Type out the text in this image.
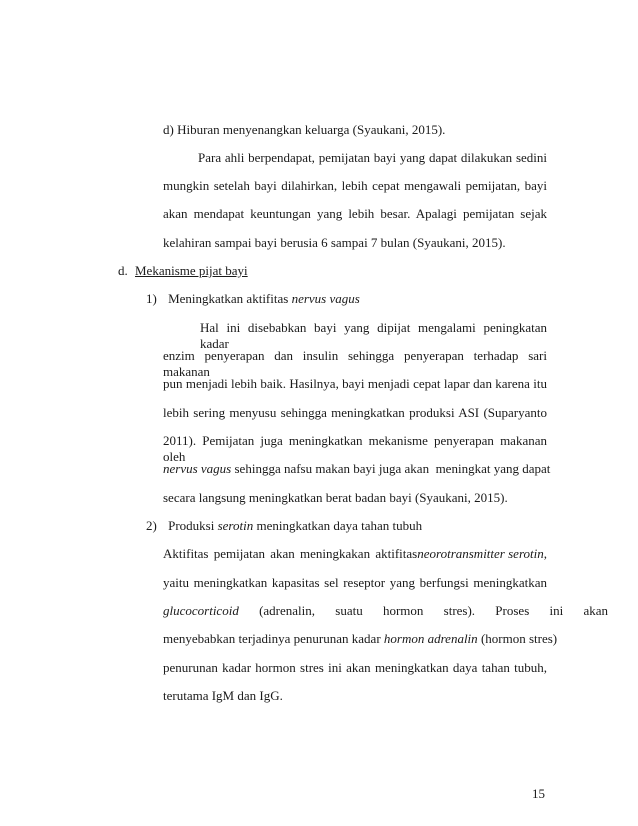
d) Hiburan menyenangkan keluarga (Syaukani, 2015).
Para ahli berpendapat, pemijatan bayi yang dapat dilakukan sedini
mungkin setelah bayi dilahirkan, lebih cepat mengawali pemijatan, bayi
akan mendapat keuntungan yang lebih besar. Apalagi pemijatan sejak
kelahiran sampai bayi berusia 6 sampai 7 bulan (Syaukani, 2015).
d. Mekanisme pijat bayi
1) Meningkatkan aktifitas nervus vagus
Hal ini disebabkan bayi yang dipijat mengalami peningkatan kadar
enzim penyerapan dan insulin sehingga penyerapan terhadap sari makanan
pun menjadi lebih baik. Hasilnya, bayi menjadi cepat lapar dan karena itu
lebih sering menyusu sehingga meningkatkan produksi ASI (Suparyanto
2011). Pemijatan juga meningkatkan mekanisme penyerapan makanan oleh
nervus vagus sehingga nafsu makan bayi juga akan  meningkat yang dapat
secara langsung meningkatkan berat badan bayi (Syaukani, 2015).
2) Produksi serotin meningkatkan daya tahan tubuh
Aktifitas pemijatan akan meningkakan aktifitas neorotransmitter serotin,
yaitu meningkatkan kapasitas sel reseptor yang berfungsi meningkatkan
glucocorticoid (adrenalin, suatu hormon stres). Proses ini akan
menyebabkan terjadinya penurunan kadar hormon adrenalin (hormon stres)
penurunan kadar hormon stres ini akan meningkatkan daya tahan tubuh,
terutama IgM dan IgG.
15
